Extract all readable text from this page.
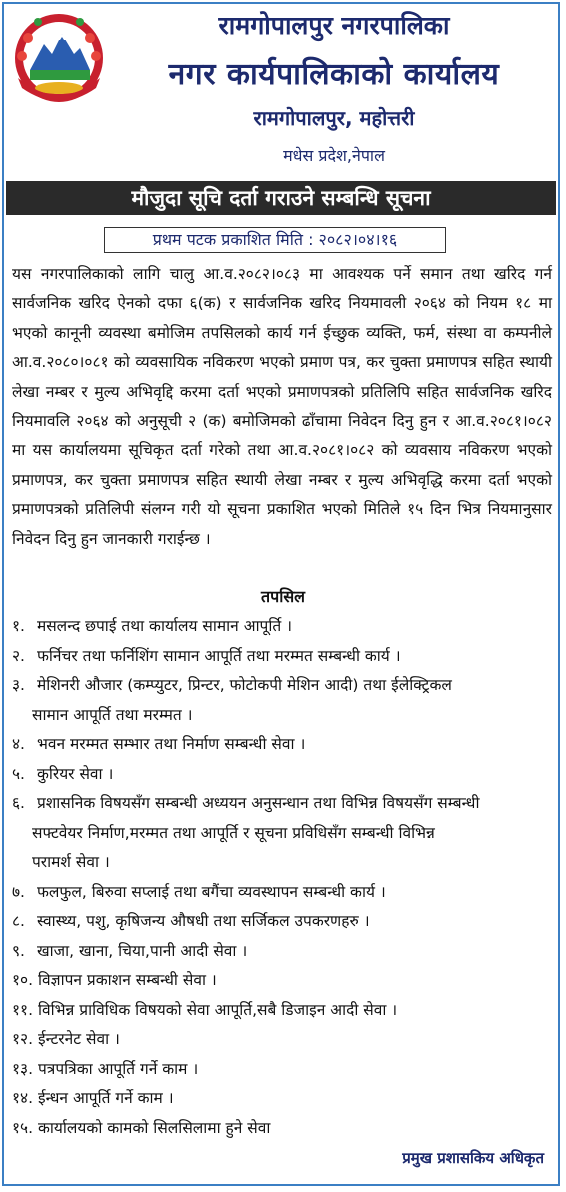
रामगोपालपुर नगरपालिका
नगर कार्यपालिकाको कार्यालय
रामगोपालपुर, महोत्तरी
मधेस प्रदेश,नेपाल
मौजुदा सूचि दर्ता गराउने सम्बन्धि सूचना
प्रथम पटक प्रकाशित मिति : २०८२।०४।१६

यस नगरपालिकाको लागि चालु आ.व.२०८२।०८३ मा आवश्यक पर्ने समान तथा खरिद गर्न सार्वजनिक खरिद ऐनको दफा ६(क) र सार्वजनिक खरिद नियमावली २०६४ को नियम १८ मा भएको कानूनी व्यवस्था बमोजिम तपसिलको कार्य गर्न ईच्छुक व्यक्ति, फर्म, संस्था वा कम्पनीले आ.व.२०८०।०८१ को व्यवसायिक नविकरण भएको प्रमाण पत्र, कर चुक्ता प्रमाणपत्र सहित स्थायी लेखा नम्बर र मुल्य अभिवृद्दि करमा दर्ता भएको प्रमाणपत्रको प्रतिलिपि सहित सार्वजनिक खरिद नियमावलि २०६४ को अनुसूची २ (क) बमोजिमको ढाँचामा निवेदन दिनु हुन र आ.व.२०८१।०८२ मा यस कार्यालयमा सूचिकृत दर्ता गरेको तथा आ.व.२०८१।०८२ को व्यवसाय नविकरण भएको प्रमाणपत्र, कर चुक्ता प्रमाणपत्र सहित स्थायी लेखा नम्बर र मुल्य अभिवृद्धि करमा दर्ता भएको प्रमाणपत्रको प्रतिलिपी संलग्न गरी यो सूचना प्रकाशित भएको मितिले १५ दिन भित्र नियमानुसार निवेदन दिनु हुन जानकारी गराईन्छ ।

तपसिल
१. मसलन्द छपाई तथा कार्यालय सामान आपूर्ति ।
२. फर्निचर तथा फर्निशिंग सामान आपूर्ति तथा मरम्मत सम्बन्धी कार्य ।
३. मेशिनरी औजार (कम्प्युटर, प्रिन्टर, फोटोकपी मेशिन आदी) तथा ईलेक्ट्रिकल
सामान आपूर्ति तथा मरम्मत ।
४. भवन मरम्मत सम्भार तथा निर्माण सम्बन्धी सेवा ।
५. कुरियर सेवा ।
६. प्रशासनिक विषयसँग सम्बन्धी अध्ययन अनुसन्धान तथा विभिन्न विषयसँग सम्बन्धी
सफ्टवेयर निर्माण,मरम्मत तथा आपूर्ति र सूचना प्रविधिसँग सम्बन्धी विभिन्न
परामर्श सेवा ।
७. फलफुल, बिरुवा सप्लाई तथा बगैंचा व्यवस्थापन सम्बन्धी कार्य ।
८. स्वास्थ्य, पशु, कृषिजन्य औषधी तथा सर्जिकल उपकरणहरु ।
९. खाजा, खाना, चिया,पानी आदी सेवा ।
१०. विज्ञापन प्रकाशन सम्बन्धी सेवा ।
११. विभिन्न प्राविधिक विषयको सेवा आपूर्ति,सबै डिजाइन आदी सेवा ।
१२. ईन्टरनेट सेवा ।
१३. पत्रपत्रिका आपूर्ति गर्ने काम ।
१४. ईन्धन आपूर्ति गर्ने काम ।
१५. कार्यालयको कामको सिलसिलामा हुने सेवा
प्रमुख प्रशासकिय अधिकृत
